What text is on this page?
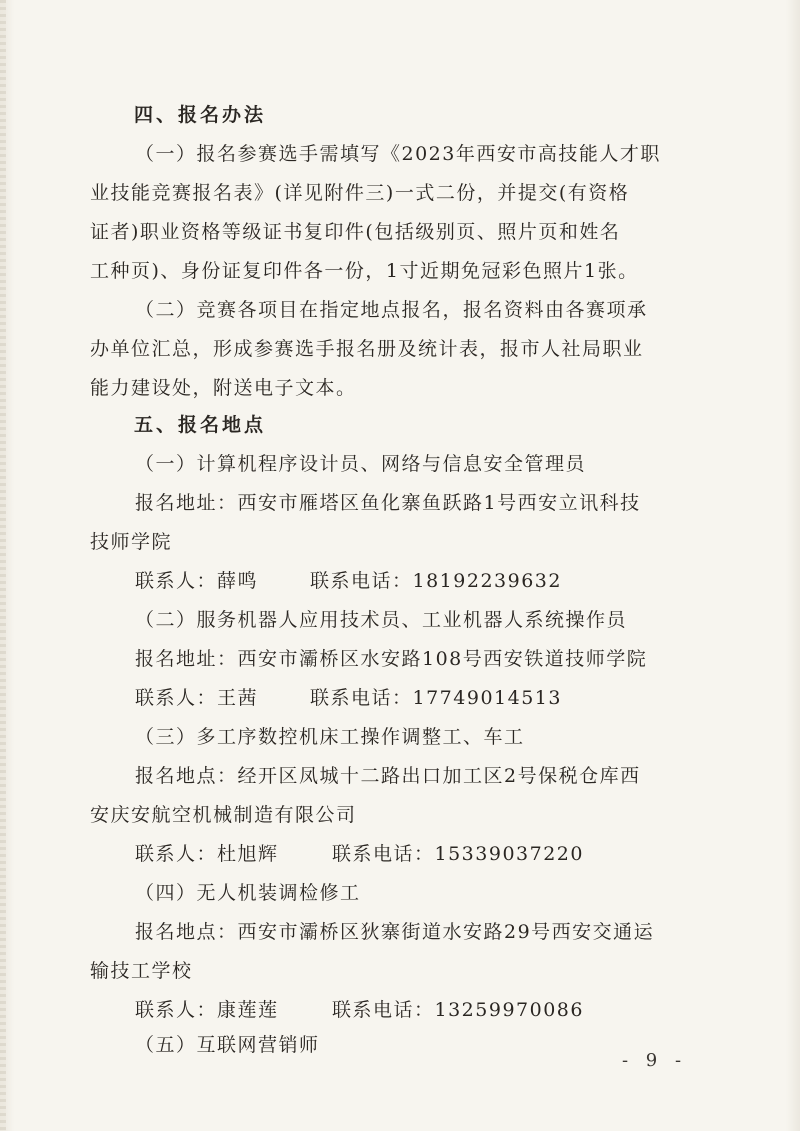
四、报名办法
（一）报名参赛选手需填写《2023年西安市高技能人才职
业技能竞赛报名表》(详见附件三)一式二份，并提交(有资格
证者)职业资格等级证书复印件(包括级别页、照片页和姓名
工种页)、身份证复印件各一份，1寸近期免冠彩色照片1张。
（二）竞赛各项目在指定地点报名，报名资料由各赛项承
办单位汇总，形成参赛选手报名册及统计表，报市人社局职业
能力建设处，附送电子文本。
五、报名地点
（一）计算机程序设计员、网络与信息安全管理员
报名地址：西安市雁塔区鱼化寨鱼跃路1号西安立讯科技
技师学院
联系人：薛鸣	联系电话：18192239632
（二）服务机器人应用技术员、工业机器人系统操作员
报名地址：西安市灞桥区水安路108号西安铁道技师学院
联系人：王茜	联系电话：17749014513
（三）多工序数控机床工操作调整工、车工
报名地点：经开区凤城十二路出口加工区2号保税仓库西
安庆安航空机械制造有限公司
联系人：杜旭辉	联系电话：15339037220
（四）无人机装调检修工
报名地点：西安市灞桥区狄寨街道水安路29号西安交通运
输技工学校
联系人：康莲莲	联系电话：13259970086
（五）互联网营销师
- 9 -
